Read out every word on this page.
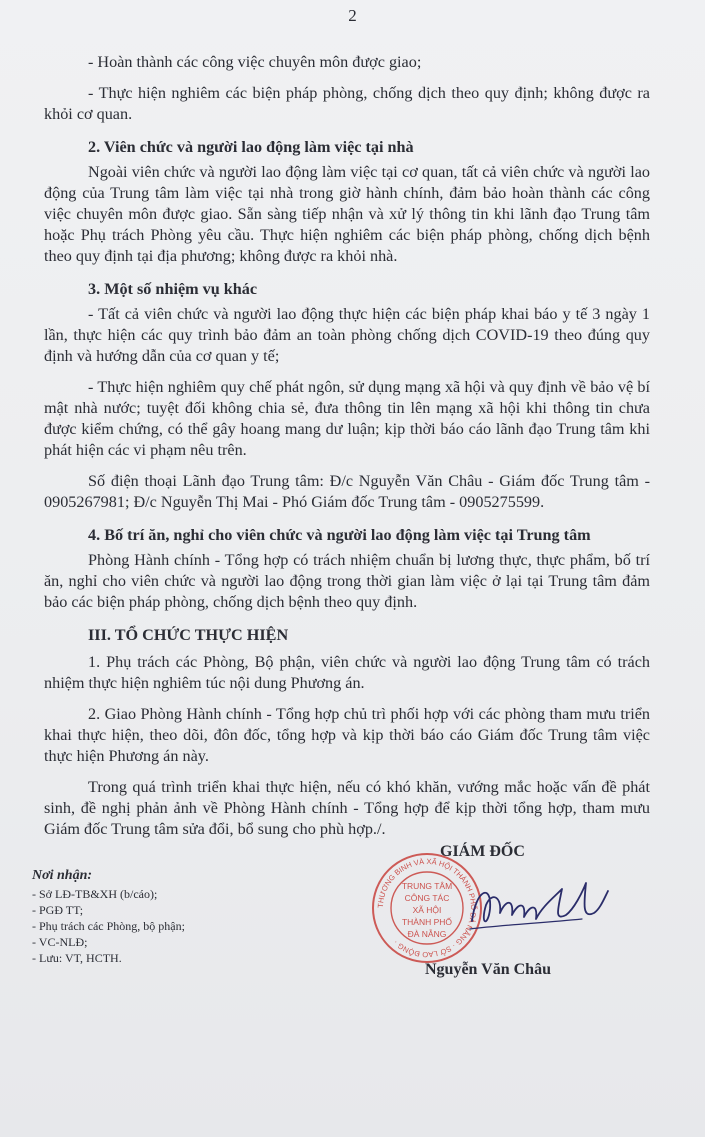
2

- Hoàn thành các công việc chuyên môn được giao;

- Thực hiện nghiêm các biện pháp phòng, chống dịch theo quy định; không được ra khỏi cơ quan.

2. Viên chức và người lao động làm việc tại nhà

Ngoài viên chức và người lao động làm việc tại cơ quan, tất cả viên chức và người lao động của Trung tâm làm việc tại nhà trong giờ hành chính, đảm bảo hoàn thành các công việc chuyên môn được giao. Sẵn sàng tiếp nhận và xử lý thông tin khi lãnh đạo Trung tâm hoặc Phụ trách Phòng yêu cầu. Thực hiện nghiêm các biện pháp phòng, chống dịch bệnh theo quy định tại địa phương; không được ra khỏi nhà.

3. Một số nhiệm vụ khác

- Tất cả viên chức và người lao động thực hiện các biện pháp khai báo y tế 3 ngày 1 lần, thực hiện các quy trình bảo đảm an toàn phòng chống dịch COVID-19 theo đúng quy định và hướng dẫn của cơ quan y tế;

- Thực hiện nghiêm quy chế phát ngôn, sử dụng mạng xã hội và quy định về bảo vệ bí mật nhà nước; tuyệt đối không chia sẻ, đưa thông tin lên mạng xã hội khi thông tin chưa được kiểm chứng, có thể gây hoang mang dư luận; kịp thời báo cáo lãnh đạo Trung tâm khi phát hiện các vi phạm nêu trên.

Số điện thoại Lãnh đạo Trung tâm: Đ/c Nguyễn Văn Châu - Giám đốc Trung tâm - 0905267981; Đ/c Nguyễn Thị Mai - Phó Giám đốc Trung tâm - 0905275599.

4. Bố trí ăn, nghỉ cho viên chức và người lao động làm việc tại Trung tâm

Phòng Hành chính - Tổng hợp có trách nhiệm chuẩn bị lương thực, thực phẩm, bố trí ăn, nghỉ cho viên chức và người lao động trong thời gian làm việc ở lại tại Trung tâm đảm bảo các biện pháp phòng, chống dịch bệnh theo quy định.

III. TỔ CHỨC THỰC HIỆN

1. Phụ trách các Phòng, Bộ phận, viên chức và người lao động Trung tâm có trách nhiệm thực hiện nghiêm túc nội dung Phương án.

2. Giao Phòng Hành chính - Tổng hợp chủ trì phối hợp với các phòng tham mưu triển khai thực hiện, theo dõi, đôn đốc, tổng hợp và kịp thời báo cáo Giám đốc Trung tâm việc thực hiện Phương án này.

Trong quá trình triển khai thực hiện, nếu có khó khăn, vướng mắc hoặc vấn đề phát sinh, đề nghị phản ảnh về Phòng Hành chính - Tổng hợp để kịp thời tổng hợp, tham mưu Giám đốc Trung tâm sửa đổi, bổ sung cho phù hợp./.

Nơi nhận:
- Sở LĐ-TB&XH (b/cáo);
- PGĐ TT;
- Phụ trách các Phòng, bộ phận;
- VC-NLĐ;
- Lưu: VT, HCTH.
THƯƠNG BINH VÀ XÃ HỘI THÀNH PHỐ ĐÀ NẴNG · SỞ LAO ĐỘNG ·
TRUNG TÂM
CÔNG TÁC
XÃ HỘI
THÀNH PHỐ
ĐÀ NẴNG
GIÁM ĐỐC
Nguyễn Văn Châu
